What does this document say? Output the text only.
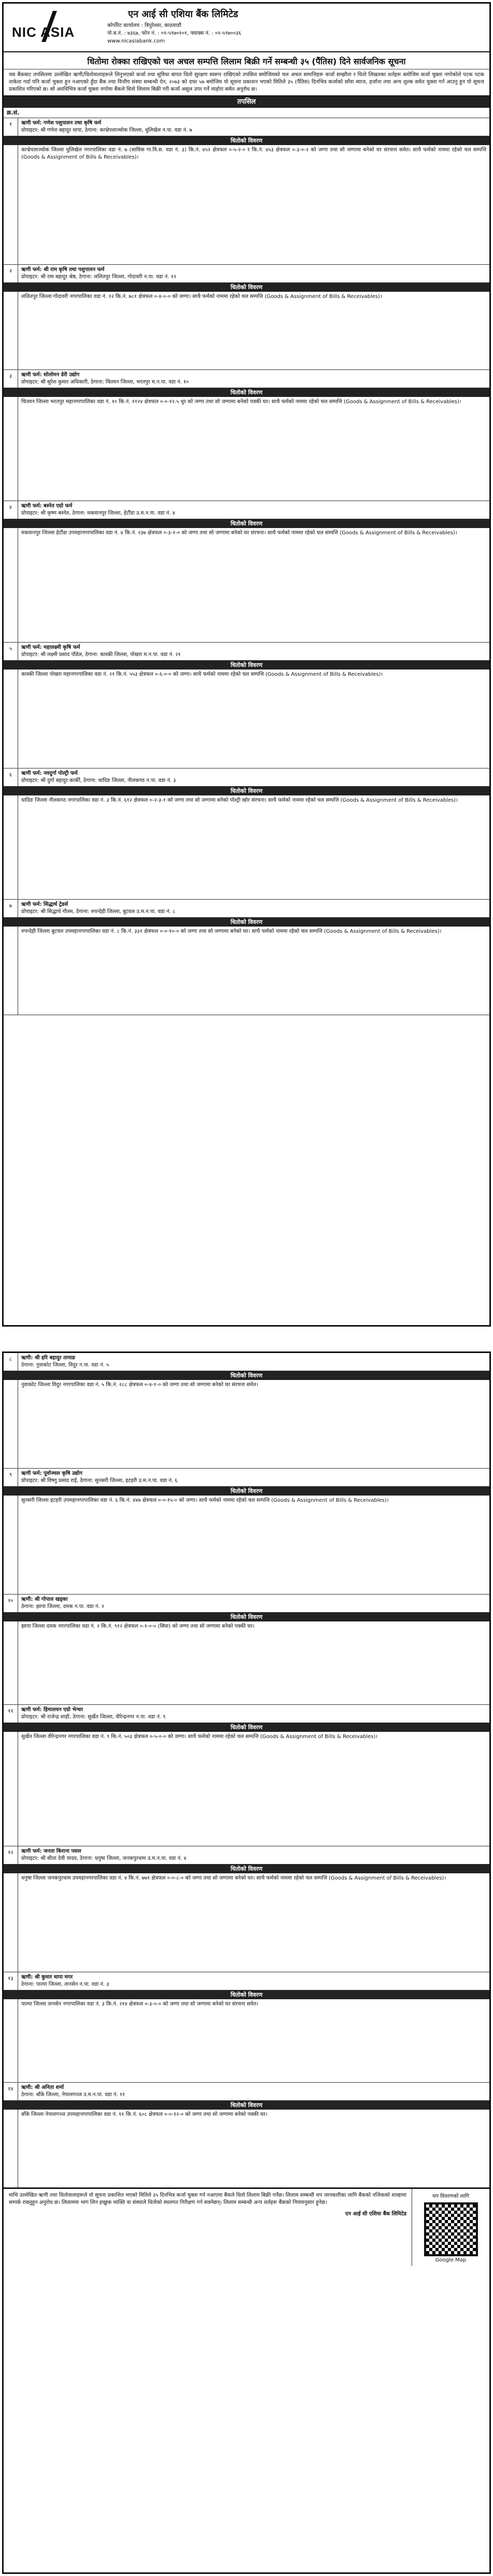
NIC ASIA
एन आई सी एशिया बैंक लिमिटेड
कोर्पोरेट कार्यालय : त्रिपुरेश्वर, काठमाडौं
पो.ब.नं. : ७३६७, फोन नं. : ०१-५९७०१०१, फ्याक्स नं. : ०१-५९७००३६
www.nicasiabank.com
धितोमा रोक्का राखिएको चल अचल सम्पत्ति लिलाम बिक्री गर्ने सम्बन्धी ३५ (पैंतिस) दिने सार्वजनिक सूचना
यस बैंकबाट तपसिलमा उल्लेखित ऋणी/धितोवालाहरूले लिनुभएको कर्जा तथा सुविधा बापत धितो सुरक्षण स्वरूप राखिएको तपसिल बमोजिमको चल अचल सम्पत्तिहरू कर्जा सम्झौता र धितो लिखतका शर्तहरू बमोजिम कर्जा चुक्ता नगरेकोले पटक पटक ताकेता गर्दा पनि कर्जा चुक्ता हुन नआएको हुँदा बैंक तथा वित्तीय संस्था सम्बन्धी ऐन, २०७३ को दफा ५७ बमोजिम यो सूचना प्रकाशन भएको मितिले ३५ (पैंतिस) दिनभित्र कर्जाको साँवा ब्याज, हर्जाना तथा अन्य शुल्क समेत चुक्ता गर्न आउनु हुन यो सूचना प्रकाशित गरिएको छ। सो अवधिभित्र कर्जा चुक्ता नगरेमा बैंकले धितो लिलाम बिक्री गरी कर्जा असुल उपर गर्ने व्यहोरा समेत अनुरोध छ।
तपसिल
क्र.सं.
१	ऋणी फर्म: गणेश पशुपालन तथा कृषि फर्म
प्रोपाइटर: श्री गणेश बहादुर थापा, ठेगाना: काभ्रेपलाञ्चोक जिल्ला, धुलिखेल न.पा. वडा नं. ७
धितोको विवरण
काभ्रेपलाञ्चोक जिल्ला धुलिखेल नगरपालिका वडा नं. ७ (साविक गा.वि.स. वडा नं. ३) कि.नं. ४५२ क्षेत्रफल ०-५-२-० र कि.नं. ४५३ क्षेत्रफल ०-३-०-२ को जग्गा तथा सो जग्गामा बनेको घर संरचना समेत। साथै फर्मको नाममा रहेको चल सम्पत्ति (Goods & Assignment of Bills & Receivables)।
२	ऋणी फर्म: श्री राम कृषि तथा पशुपालन फर्म
प्रोपाइटर: श्री राम बहादुर श्रेष्ठ, ठेगाना: ललितपुर जिल्ला, गोदावरी न.पा. वडा नं. १२
धितोको विवरण
ललितपुर जिल्ला गोदावरी नगरपालिका वडा नं. १२ कि.नं. ७८१ क्षेत्रफल ०-४-०-० को जग्गा। साथै फर्मको नाममा रहेको चल सम्पत्ति (Goods & Assignment of Bills & Receivables)।
३	ऋणी फर्म: सोलोमन डेरी उद्योग
प्रोपाइटर: श्री सुरेश कुमार अधिकारी, ठेगाना: चितवन जिल्ला, भरतपुर म.न.पा. वडा नं. १०
धितोको विवरण
चितवन जिल्ला भरतपुर महानगरपालिका वडा नं. १० कि.नं. ११२४ क्षेत्रफल ०-०-१२.५ धुर को जग्गा तथा सो जग्गामा बनेको पक्की घर। साथै फर्मको नाममा रहेको चल सम्पत्ति (Goods & Assignment of Bills & Receivables)।
४	ऋणी फर्म: बस्नेत एग्रो फर्म
प्रोपाइटर: श्री कृष्ण बस्नेत, ठेगाना: मकवानपुर जिल्ला, हेटौंडा उ.म.न.पा. वडा नं. ४
धितोको विवरण
मकवानपुर जिल्ला हेटौंडा उपमहानगरपालिका वडा नं. ४ कि.नं. २३७ क्षेत्रफल ०-३-२-० को जग्गा तथा सो जग्गामा बनेको घर संरचना। साथै फर्मको नाममा रहेको चल सम्पत्ति (Goods & Assignment of Bills & Receivables)।
५	ऋणी फर्म: महालक्ष्मी कृषि फर्म
प्रोपाइटर: श्री लक्ष्मी प्रसाद पौडेल, ठेगाना: कास्की जिल्ला, पोखरा म.न.पा. वडा नं. २१
धितोको विवरण
कास्की जिल्ला पोखरा महानगरपालिका वडा नं. २१ कि.नं. ५५३ क्षेत्रफल ०-६-०-० को जग्गा। साथै फर्मको नाममा रहेको चल सम्पत्ति (Goods & Assignment of Bills & Receivables)।
६	ऋणी फर्म: नवदुर्गा पोल्ट्री फर्म
प्रोपाइटर: श्री दुर्गा बहादुर कार्की, ठेगाना: धादिङ जिल्ला, नीलकण्ठ न.पा. वडा नं. ३
धितोको विवरण
धादिङ जिल्ला नीलकण्ठ नगरपालिका वडा नं. ३ कि.नं. ६१२ क्षेत्रफल ०-२-३-१ को जग्गा तथा सो जग्गामा बनेको पोल्ट्री खोर संरचना। साथै फर्मको नाममा रहेको चल सम्पत्ति (Goods & Assignment of Bills & Receivables)।
७	ऋणी फर्म: सिद्धार्थ ट्रेडर्स
प्रोपाइटर: श्री सिद्धार्थ गौतम, ठेगाना: रुपन्देही जिल्ला, बुटवल उ.म.न.पा. वडा नं. ८
धितोको विवरण
रुपन्देही जिल्ला बुटवल उपमहानगरपालिका वडा नं. ८ कि.नं. ३३१ क्षेत्रफल ०-०-१०-० को जग्गा तथा सो जग्गामा बनेको घर। साथै फर्मको नाममा रहेको चल सम्पत्ति (Goods & Assignment of Bills & Receivables)।
८	ऋणी: श्री हरि बहादुर तामाङ
ठेगाना: नुवाकोट जिल्ला, विदुर न.पा. वडा नं. ५
धितोको विवरण
नुवाकोट जिल्ला विदुर नगरपालिका वडा नं. ५ कि.नं. २८८ क्षेत्रफल ०-४-१-० को जग्गा तथा सो जग्गामा बनेको घर संरचना समेत।
९	ऋणी फर्म: पूर्वाञ्चल कृषि उद्योग
प्रोपाइटर: श्री विष्णु प्रसाद राई, ठेगाना: सुनसरी जिल्ला, इटहरी उ.म.न.पा. वडा नं. ६
धितोको विवरण
सुनसरी जिल्ला इटहरी उपमहानगरपालिका वडा नं. ६ कि.नं. ४४७ क्षेत्रफल ०-०-१५-० को जग्गा। साथै फर्मको नाममा रहेको चल सम्पत्ति (Goods & Assignment of Bills & Receivables)।
१०	ऋणी: श्री गोपाल खड्का
ठेगाना: झापा जिल्ला, दमक न.पा. वडा नं. २
धितोको विवरण
झापा जिल्ला दमक नगरपालिका वडा नं. २ कि.नं. ९१२ क्षेत्रफल ०-१-०-० (बिघा) को जग्गा तथा सो जग्गामा बनेको पक्की घर।
११	ऋणी फर्म: हिमालयन एग्रो भेन्चर
प्रोपाइटर: श्री राजेन्द्र शाही, ठेगाना: सुर्खेत जिल्ला, वीरेन्द्रनगर न.पा. वडा नं. ९
धितोको विवरण
सुर्खेत जिल्ला वीरेन्द्रनगर नगरपालिका वडा नं. ९ कि.नं. ५०३ क्षेत्रफल ०-५-०-० को जग्गा। साथै फर्मको नाममा रहेको चल सम्पत्ति (Goods & Assignment of Bills & Receivables)।
१२	ऋणी फर्म: जनता किराना पसल
प्रोपाइटर: श्री सीता देवी यादव, ठेगाना: धनुषा जिल्ला, जनकपुरधाम उ.म.न.पा. वडा नं. ४
धितोको विवरण
धनुषा जिल्ला जनकपुरधाम उपमहानगरपालिका वडा नं. ४ कि.नं. ७७१ क्षेत्रफल ०-०-८-० को जग्गा तथा सो जग्गामा बनेको घर। साथै फर्मको नाममा रहेको चल सम्पत्ति (Goods & Assignment of Bills & Receivables)।
१३	ऋणी: श्री कुमार थापा मगर
ठेगाना: पाल्पा जिल्ला, तानसेन न.पा. वडा नं. ३
धितोको विवरण
पाल्पा जिल्ला तानसेन नगरपालिका वडा नं. ३ कि.नं. २१४ क्षेत्रफल ०-३-०-० को जग्गा तथा सो जग्गामा बनेको घर संरचना समेत।
१४	ऋणी: श्री अनिता शर्मा
ठेगाना: बाँके जिल्ला, नेपालगञ्ज उ.म.न.पा. वडा नं. ११
धितोको विवरण
बाँके जिल्ला नेपालगञ्ज उपमहानगरपालिका वडा नं. ११ कि.नं. ६०८ क्षेत्रफल ०-०-१२-० को जग्गा तथा सो जग्गामा बनेको पक्की घर।
माथि उल्लेखित ऋणी तथा धितोवालाहरूले यो सूचना प्रकाशित भएको मितिले ३५ दिनभित्र कर्जा चुक्ता गर्न नआएमा बैंकले धितो लिलाम बिक्री गर्नेछ। लिलाम सम्बन्धी थप जानकारीका लागि बैंकको नजिकको शाखामा सम्पर्क राख्नुहुन अनुरोध छ। लिलाममा भाग लिन इच्छुक व्यक्ति वा संस्थाले धितोको स्थलगत निरीक्षण गर्न सक्नेछन्। लिलाम सम्बन्धी अन्य शर्तहरू बैंकको नियमानुसार हुनेछ।
एन आई सी एशिया बैंक लिमिटेड
थप विवरणको लागि
Google Map
